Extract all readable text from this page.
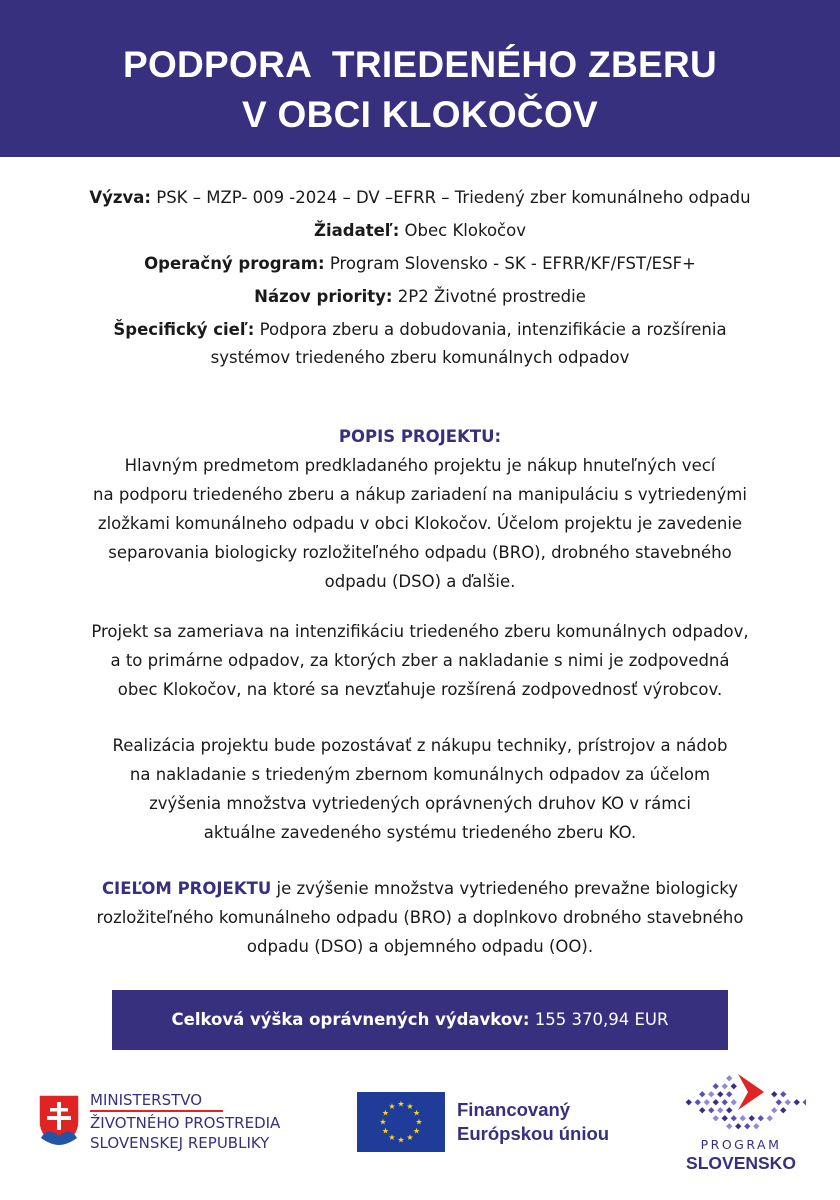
PODPORA  TRIEDENÉHO ZBERU
V OBCI KLOKOČOV
Výzva: PSK – MZP- 009 -2024 – DV –EFRR – Triedený zber komunálneho odpadu
Žiadateľ: Obec Klokočov
Operačný program: Program Slovensko - SK - EFRR/KF/FST/ESF+
Názov priority: 2P2 Životné prostredie
Špecifický cieľ: Podpora zberu a dobudovania, intenzifikácie a rozšírenia
systémov triedeného zberu komunálnych odpadov
POPIS PROJEKTU:
Hlavným predmetom predkladaného projektu je nákup hnuteľných vecí
na podporu triedeného zberu a nákup zariadení na manipuláciu s vytriedenými
zložkami komunálneho odpadu v obci Klokočov. Účelom projektu je zavedenie
separovania biologicky rozložiteľného odpadu (BRO), drobného stavebného
odpadu (DSO) a ďalšie.
Projekt sa zameriava na intenzifikáciu triedeného zberu komunálnych odpadov,
a to primárne odpadov, za ktorých zber a nakladanie s nimi je zodpovedná
obec Klokočov, na ktoré sa nevzťahuje rozšírená zodpovednosť výrobcov.
Realizácia projektu bude pozostávať z nákupu techniky, prístrojov a nádob
na nakladanie s triedeným zbernom komunálnych odpadov za účelom
zvýšenia množstva vytriedených oprávnených druhov KO v rámci
aktuálne zavedeného systému triedeného zberu KO.
CIEĽOM PROJEKTU je zvýšenie množstva vytriedeného prevažne biologicky
rozložiteľného komunálneho odpadu (BRO) a doplnkovo drobného stavebného
odpadu (DSO) a objemného odpadu (OO).
Celková výška oprávnených výdavkov: 155 370,94 EUR
MINISTERSTVO
ŽIVOTNÉHO PROSTREDIA
SLOVENSKEJ REPUBLIKY
★
★
★
★
★
★
★
★
★ ★ ★
★ Financovaný
Európskou úniou
PROGRAM
SLOVENSKO
